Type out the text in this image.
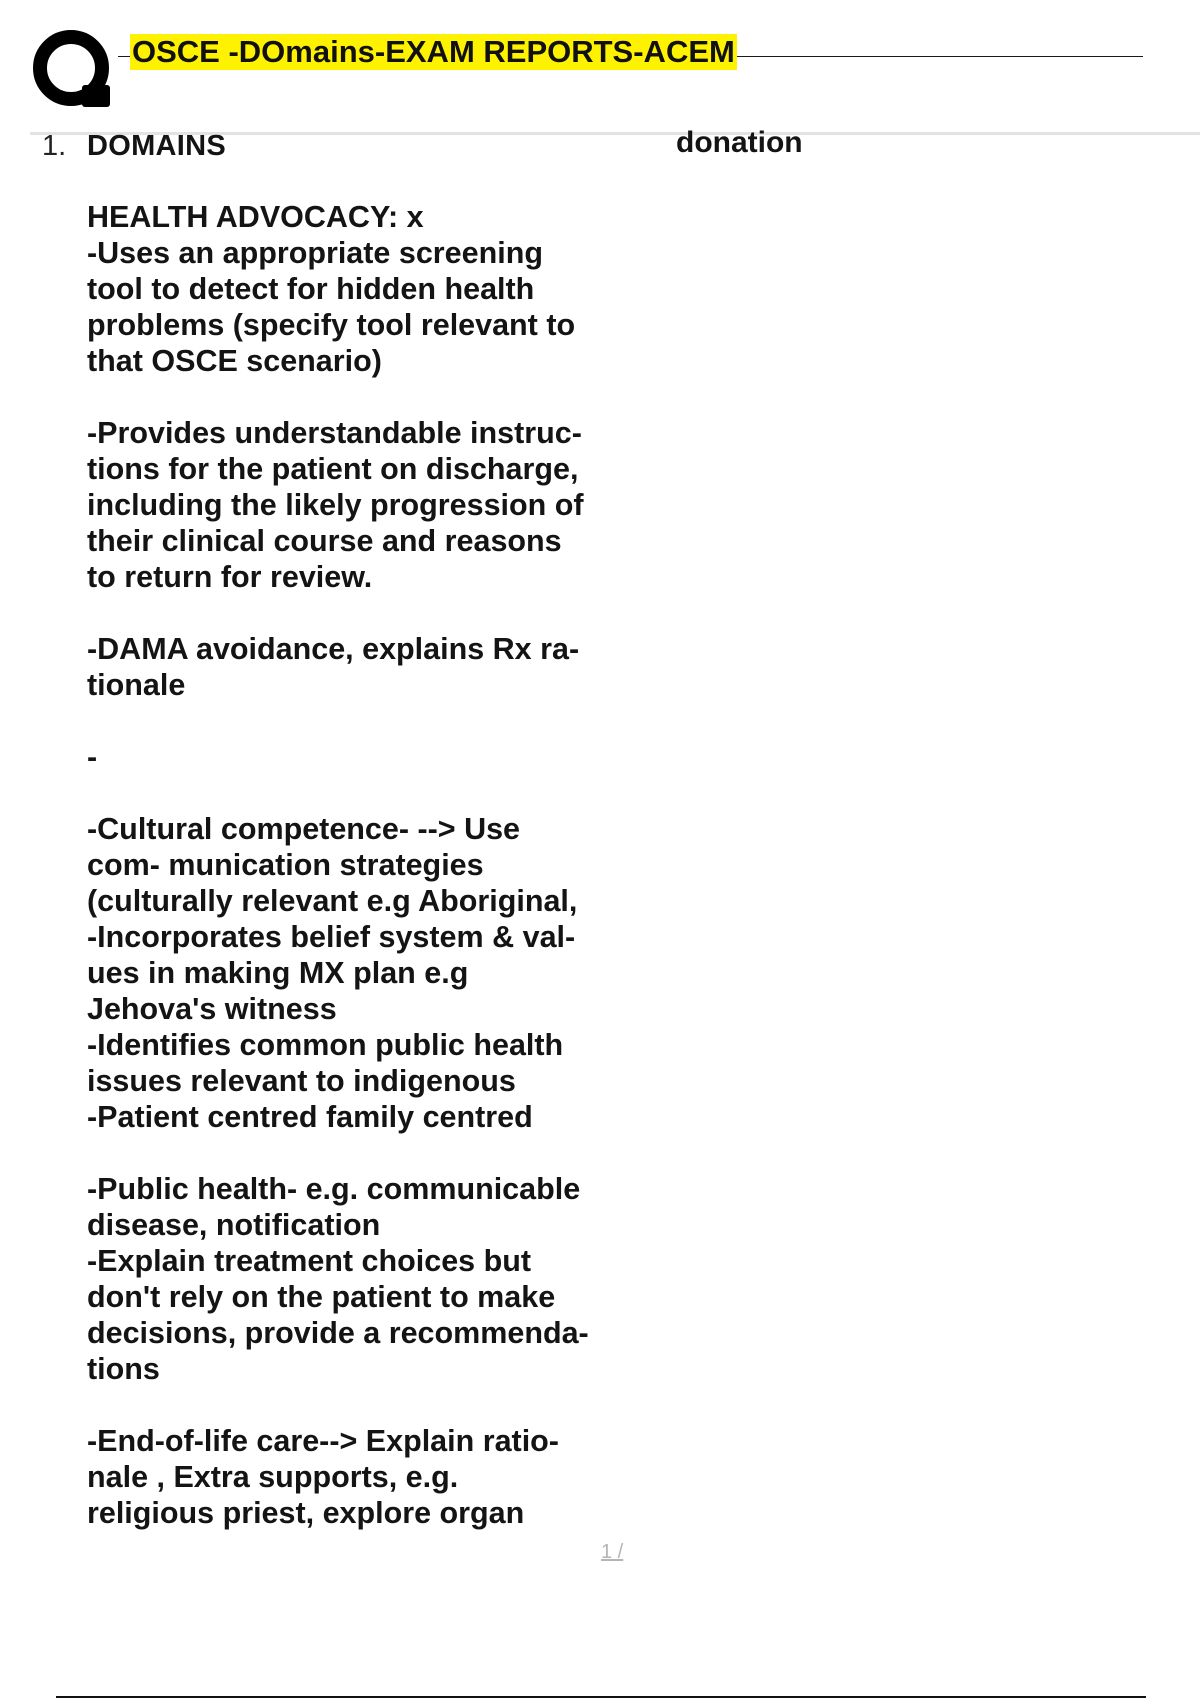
OSCE -DOmains-EXAM REPORTS-ACEM
1. DOMAINS	donation

HEALTH ADVOCACY: x

-Uses an appropriate screening

tool to detect for hidden health

problems (specify tool relevant to

that OSCE scenario)

-Provides understandable instruc-

tions for the patient on discharge,

including the likely progression of

their clinical course and reasons

to return for review.

-DAMA avoidance, explains Rx ra-

tionale

-

-Cultural competence- --> Use

com- munication strategies

(culturally relevant e.g Aboriginal,

-Incorporates belief system & val-

ues in making MX plan e.g

Jehova's witness

-Identifies common public health

issues relevant to indigenous

-Patient centred family centred

-Public health- e.g. communicable

disease, notification

-Explain treatment choices but

don't rely on the patient to make

decisions, provide a recommenda-

tions

-End-of-life care--> Explain ratio-

nale , Extra supports, e.g.

religious priest, explore organ

1 /
